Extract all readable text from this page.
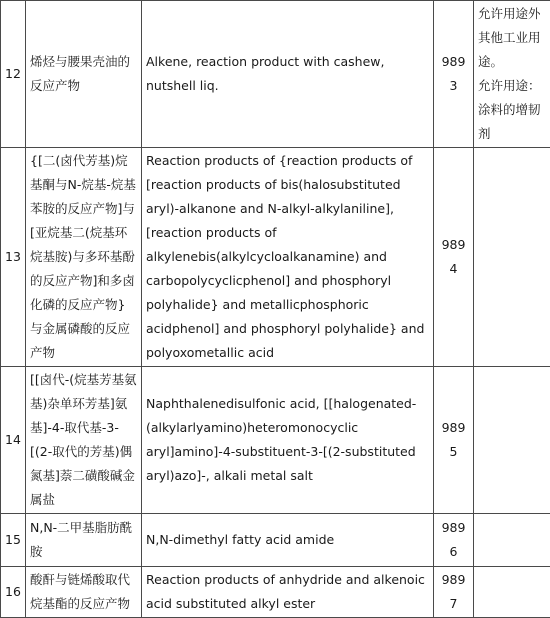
12	烯烃与腰果壳油的反应产物	Alkene, reaction product with cashew, nutshell liq.	9893	允许用途外其他工业用途。
允许用途：涂料的增韧剂

13	{[二(卤代芳基)烷基酮与N-烷基-烷基苯胺的反应产物]与[亚烷基二(烷基环烷基胺)与多环基酚的反应产物]和多卤化磷的反应产物}与金属磷酸的反应产物	Reaction products of {reaction products of [reaction products of bis(halosubstituted aryl)-alkanone and N-alkyl-alkylaniline], [reaction products of alkylenebis(alkylcycloalkanamine) and carbopolycyclicphenol] and phosphoryl polyhalide} and metallicphosphoric acidphenol] and phosphoryl polyhalide} and polyoxometallic acid	9894	
14	[[卤代-(烷基芳基氨基)杂单环芳基]氨基]-4-取代基-3-[(2-取代的芳基)偶氮基]萘二磺酸碱金属盐	Naphthalenedisulfonic acid, [[halogenated-(alkylarlyamino)heteromonocyclic aryl]amino]-4-substituent-3-[(2-substituted aryl)azo]-, alkali metal salt	9895	
15	N,N-二甲基脂肪酰胺	N,N-dimethyl fatty acid amide	9896	
16	酸酐与链烯酸取代烷基酯的反应产物	Reaction products of anhydride and alkenoic acid substituted alkyl ester	9897	
